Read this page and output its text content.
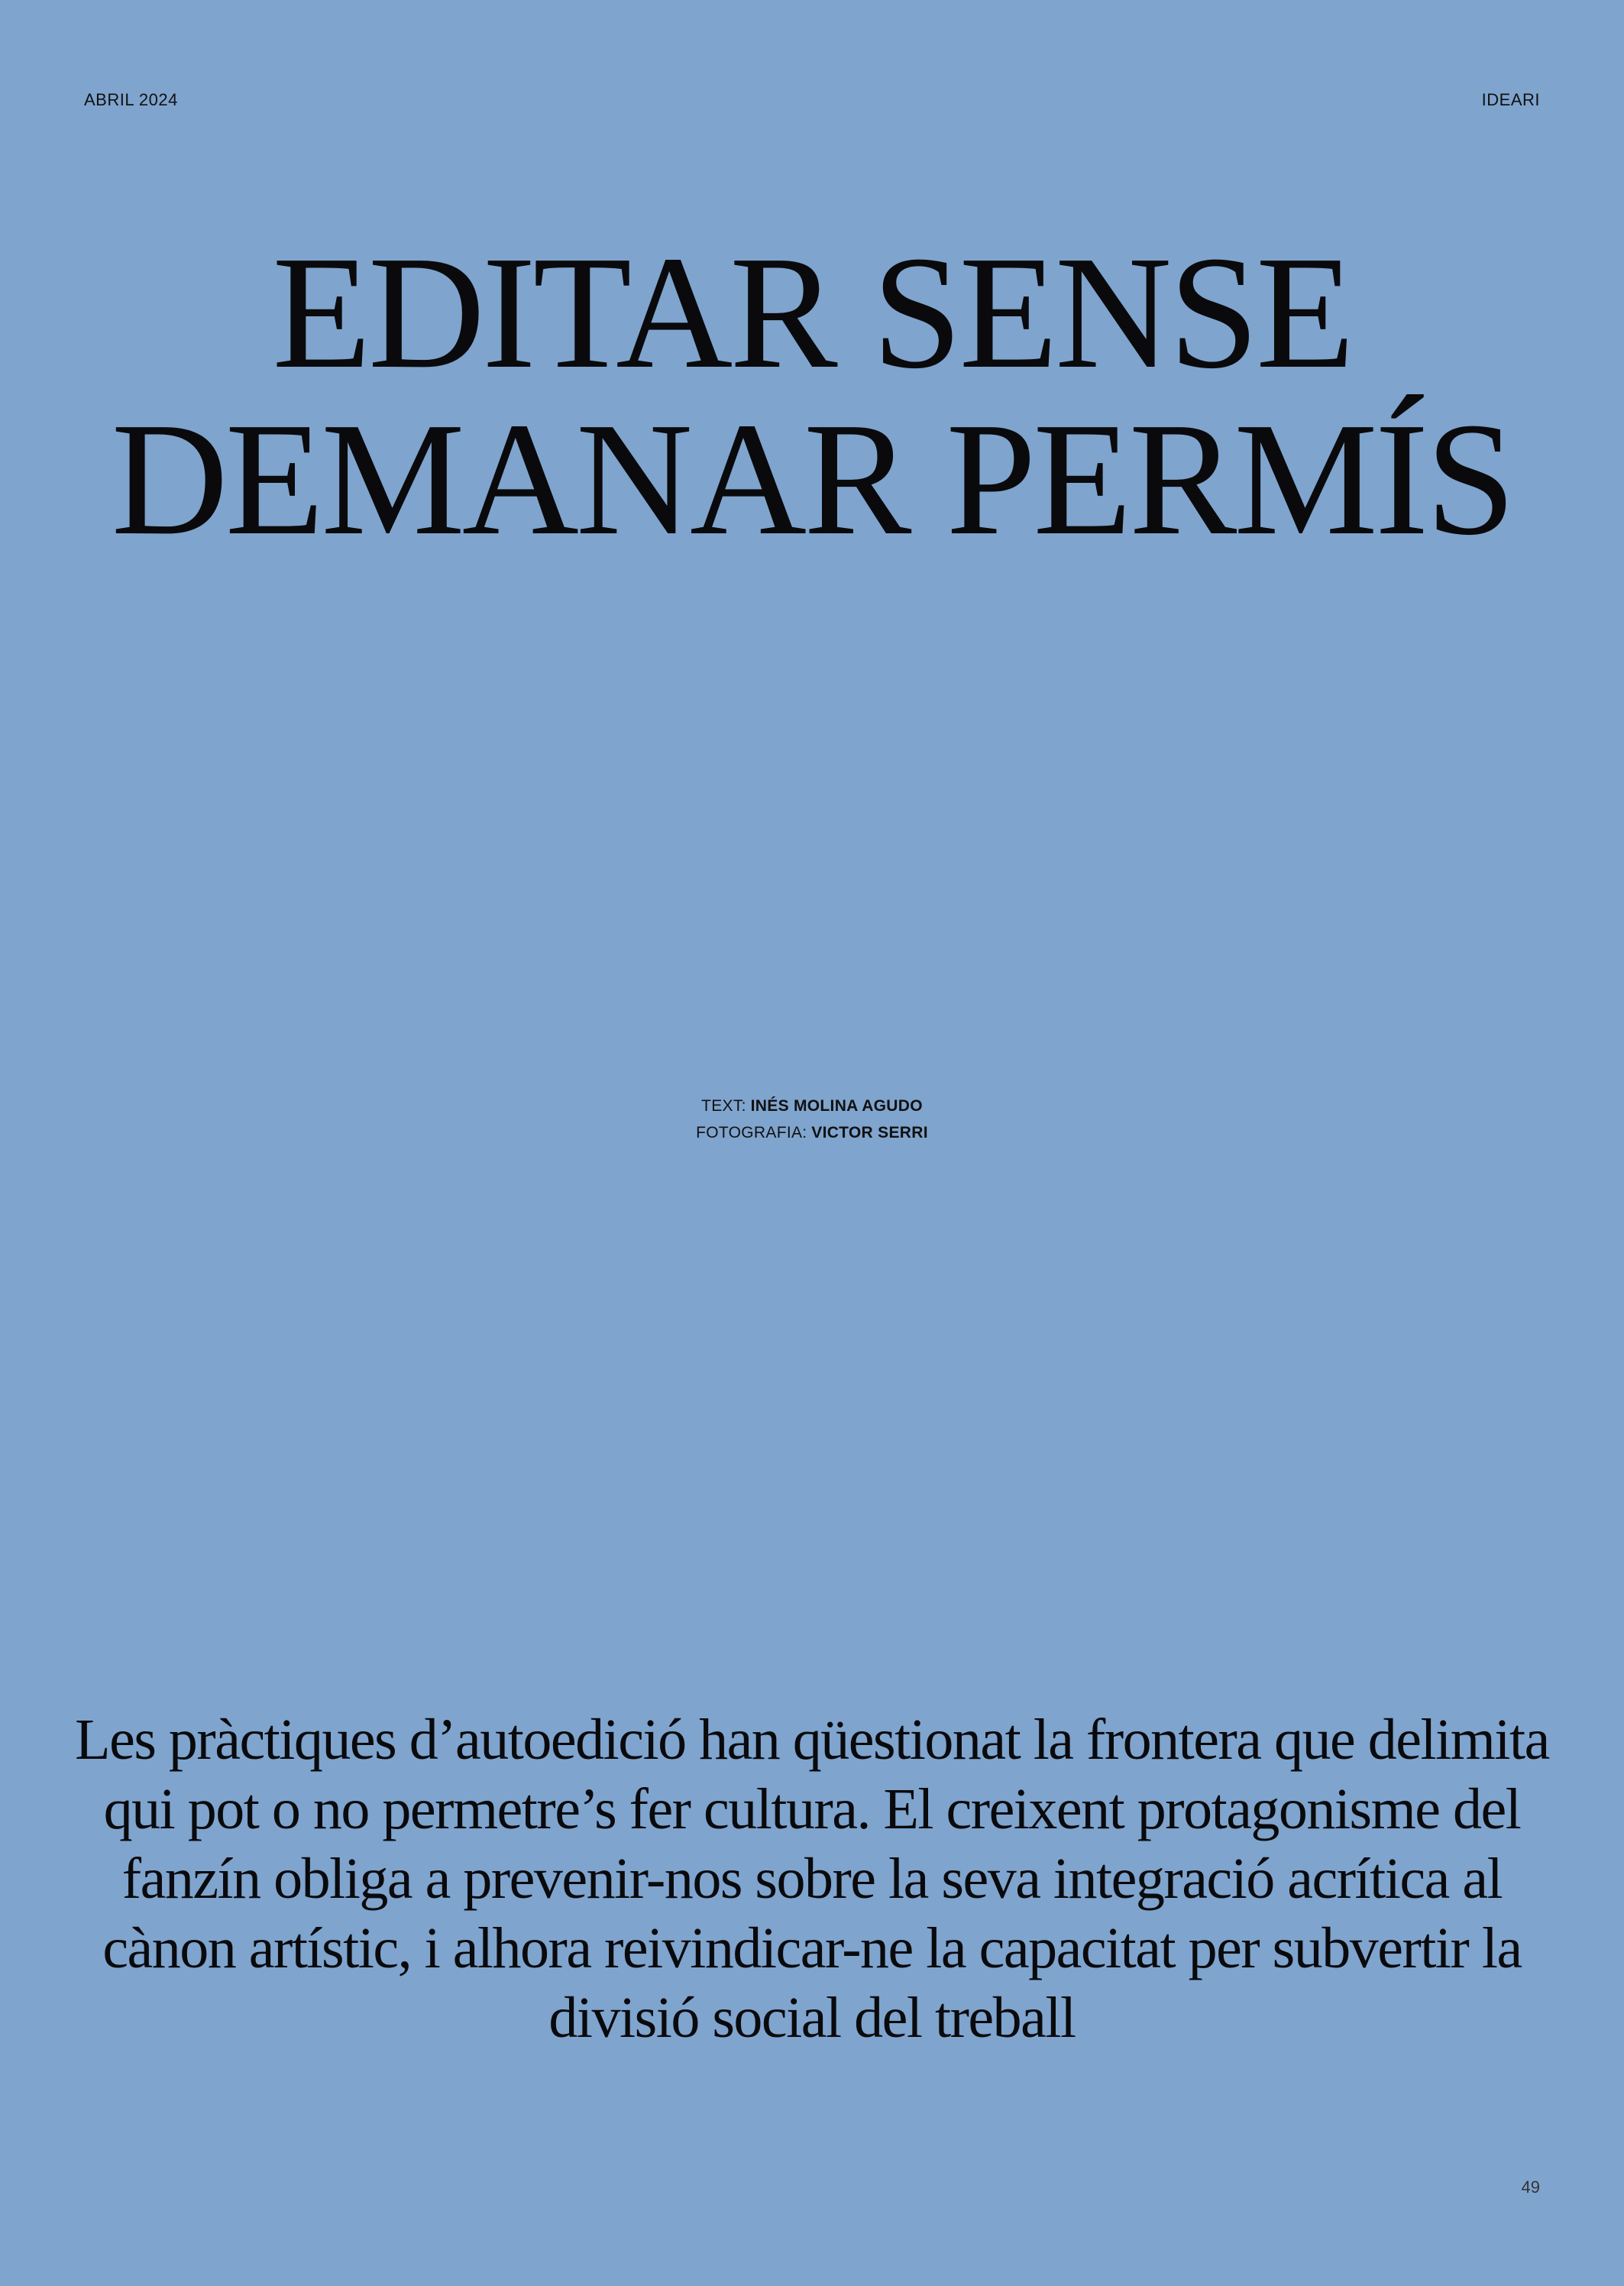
ABRIL 2024	IDEARI
EDITAR SENSE
DEMANAR PERMÍS
TEXT: INÉS MOLINA AGUDO
FOTOGRAFIA: VICTOR SERRI

Les pràctiques d’autoedició han qüestionat la frontera que delimita qui pot o no permetre’s fer cultura. El creixent protagonisme del fanzín obliga a prevenir-nos sobre la seva integració acrítica al cànon artístic, i alhora reivindicar-ne la capacitat per subvertir la divisió social del treball

49
